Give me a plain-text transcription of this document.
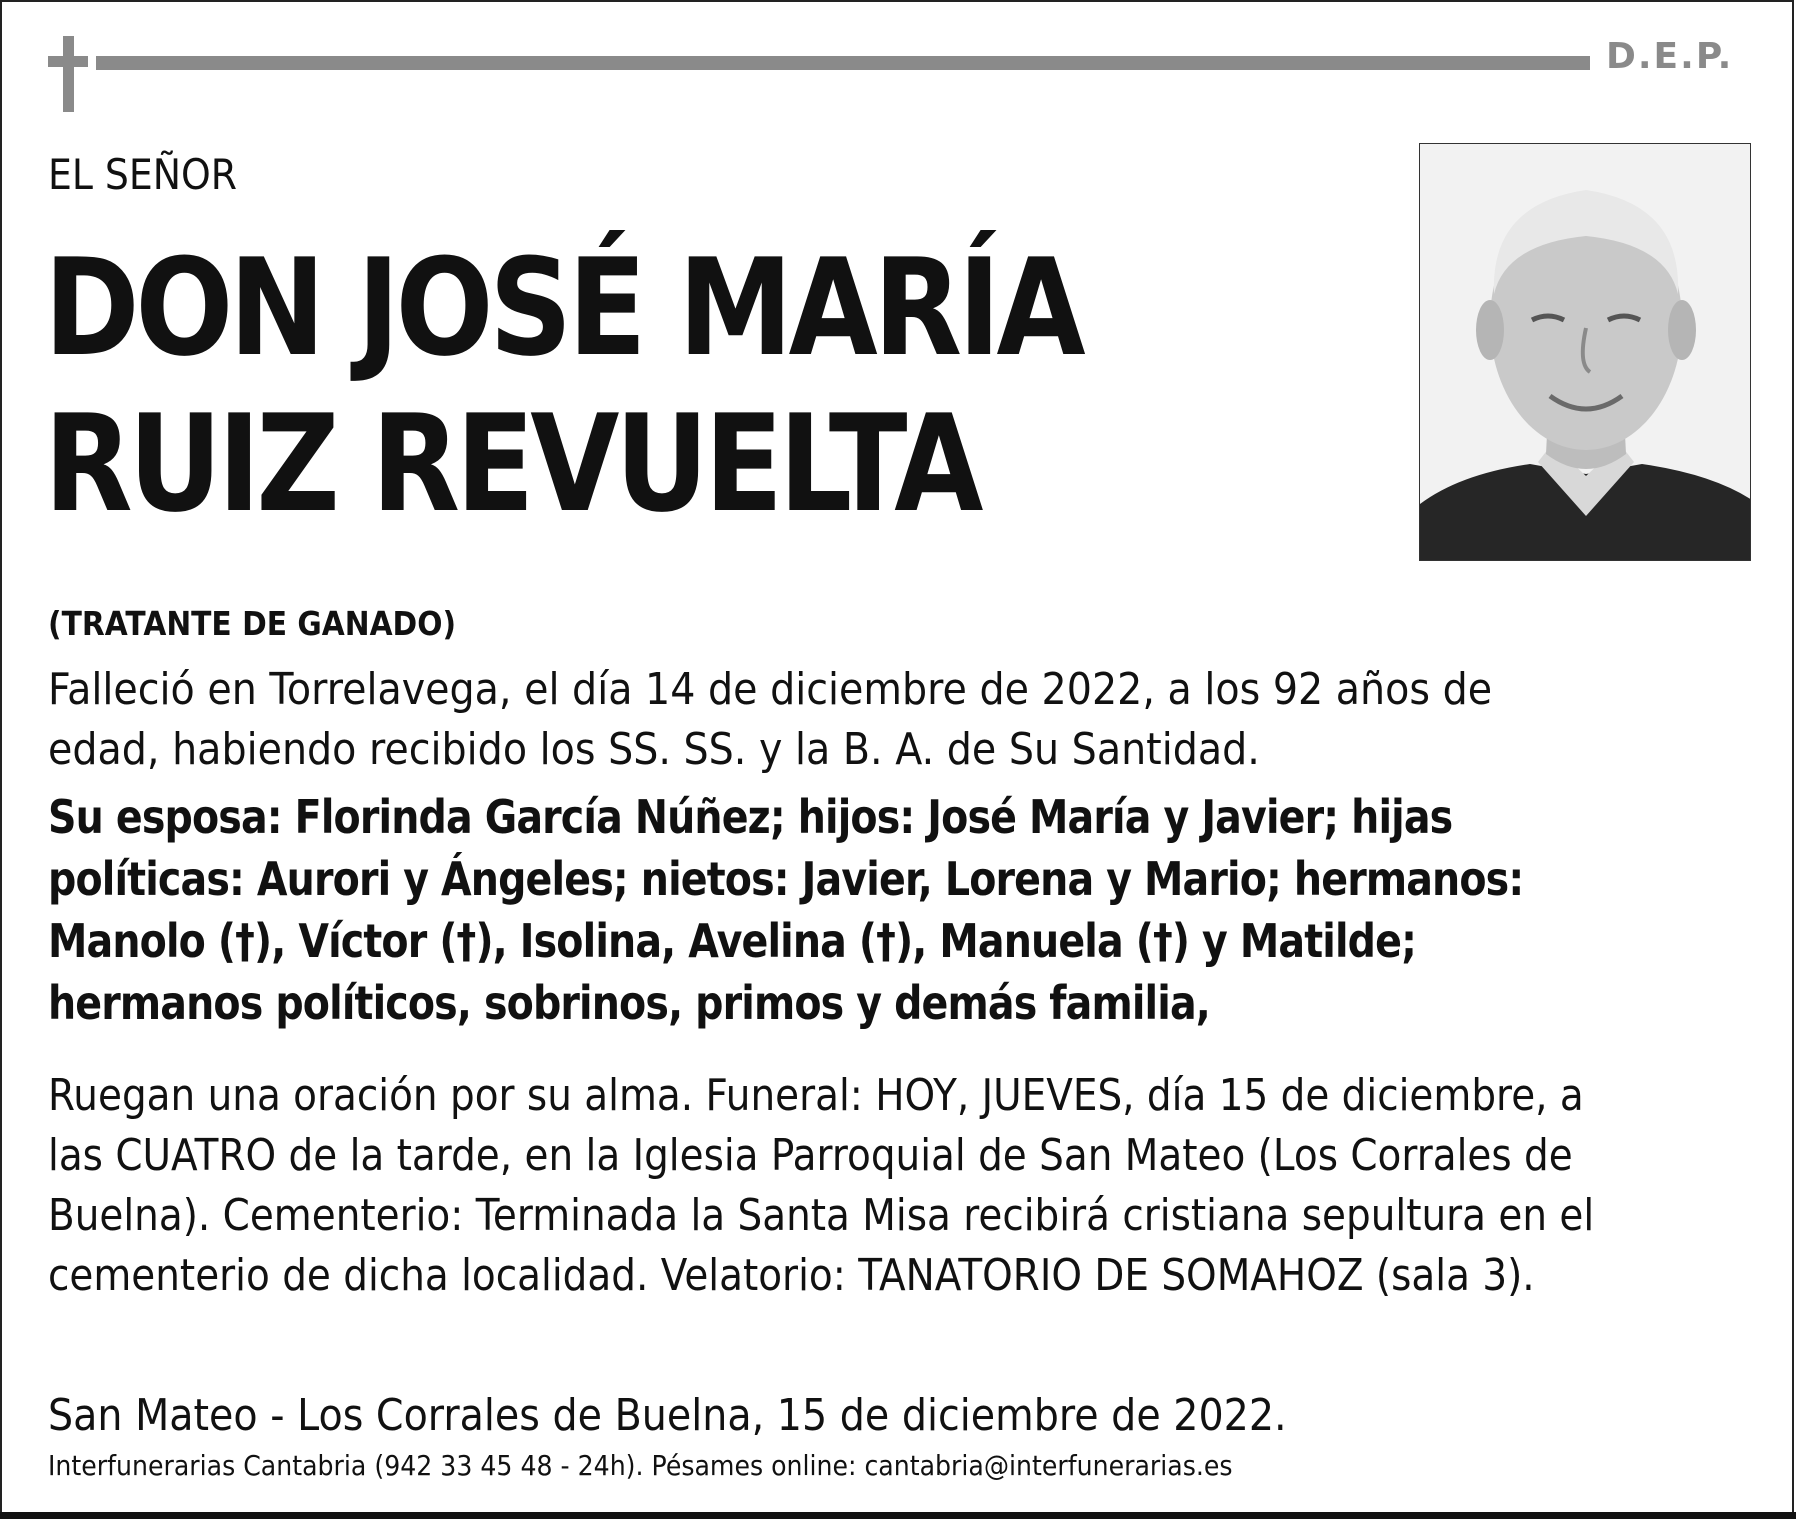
D.E.P.
EL SEÑOR
DON JOSÉ MARÍA
RUIZ REVUELTA
(TRATANTE DE GANADO)
Falleció en Torrelavega, el día 14 de diciembre de 2022, a los 92 años de edad, habiendo recibido los SS. SS. y la B. A. de Su Santidad.
Su esposa: Florinda García Núñez; hijos: José María y Javier; hijas políticas: Aurori y Ángeles; nietos: Javier, Lorena y Mario; hermanos: Manolo (†), Víctor (†), Isolina, Avelina (†), Manuela (†) y Matilde; hermanos políticos, sobrinos, primos y demás familia,
Ruegan una oración por su alma. Funeral: HOY, JUEVES, día 15 de diciembre, a las CUATRO de la tarde, en la Iglesia Parroquial de San Mateo (Los Corrales de Buelna). Cementerio: Terminada la Santa Misa recibirá cristiana sepultura en el cementerio de dicha localidad. Velatorio: TANATORIO DE SOMAHOZ (sala 3).
San Mateo - Los Corrales de Buelna, 15 de diciembre de 2022.
Interfunerarias Cantabria (942 33 45 48 - 24h). Pésames online: cantabria@interfunerarias.es
